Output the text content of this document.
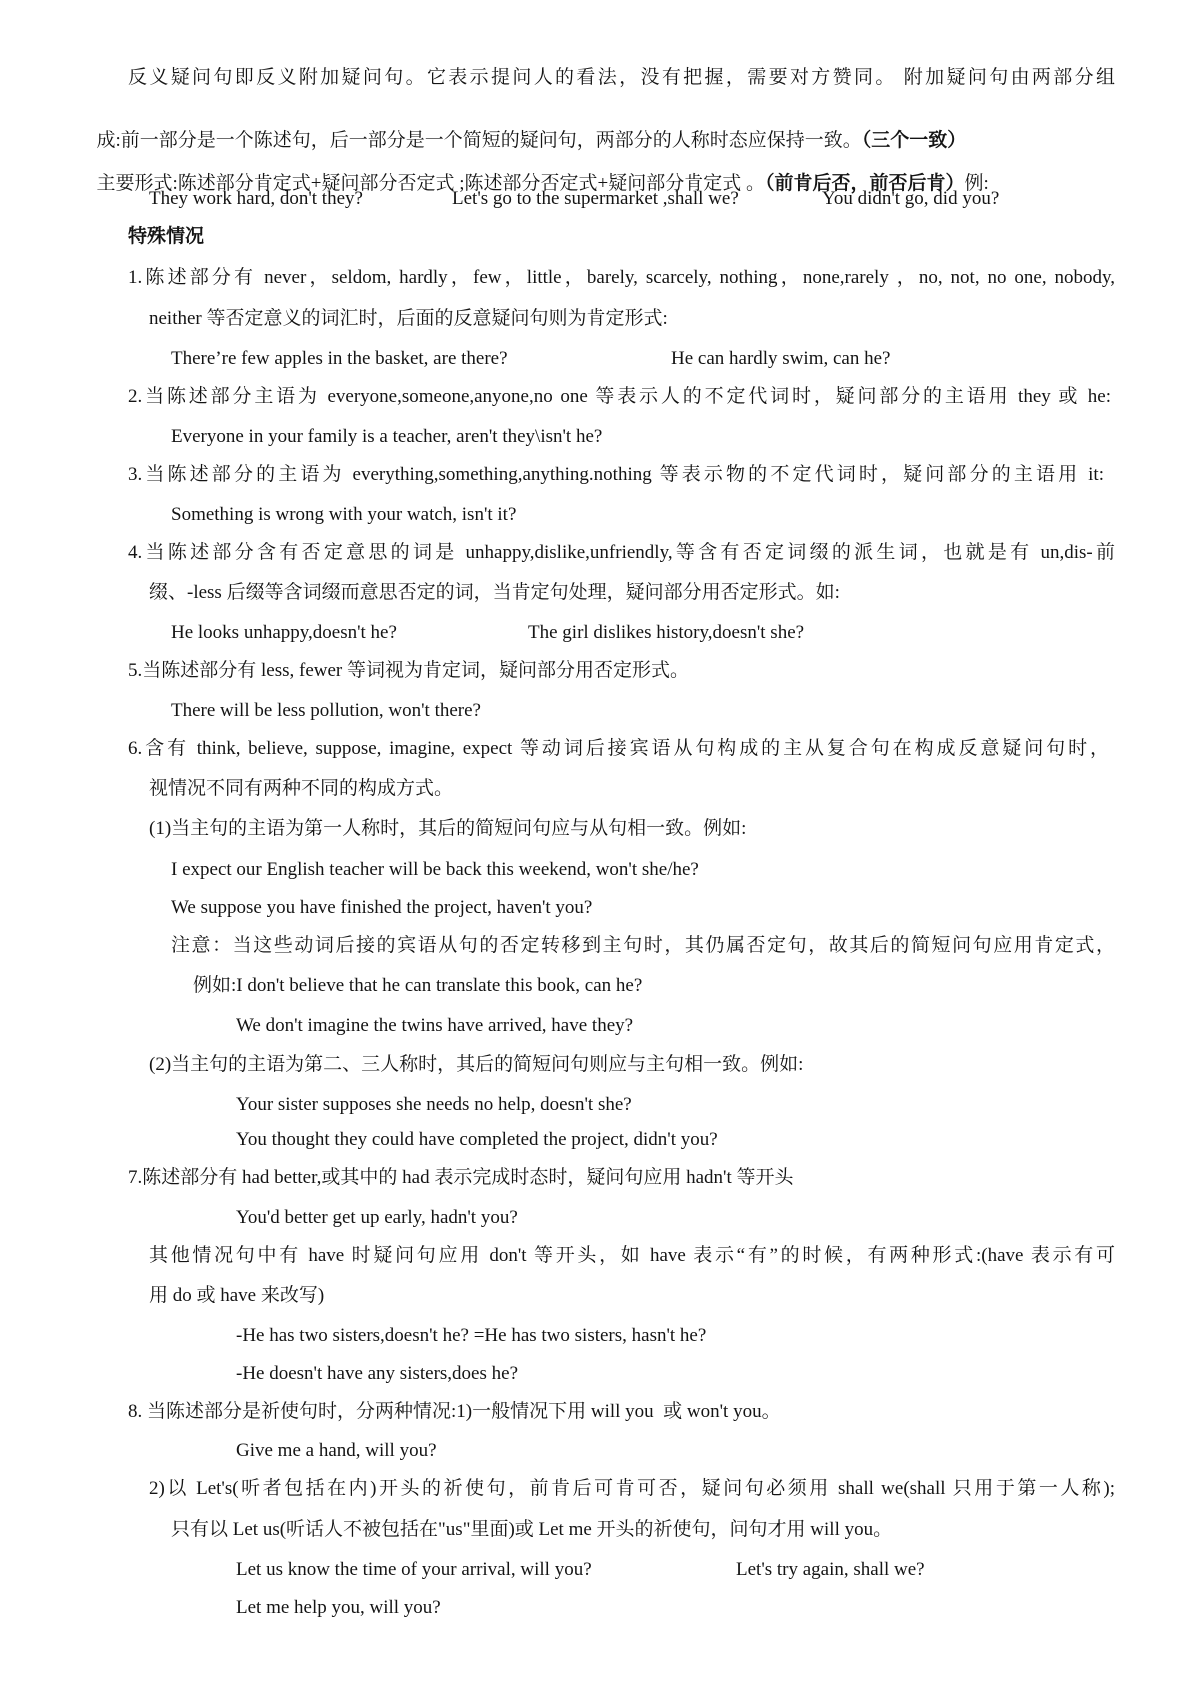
反义疑问句即反义附加疑问句。它表示提问人的看法，没有把握，需要对方赞同。 附加疑问句由两部分组

成:前一部分是一个陈述句，后一部分是一个简短的疑问句，两部分的人称时态应保持一致。（三个一致）

主要形式:陈述部分肯定式+疑问部分否定式 ;陈述部分否定式+疑问部分肯定式 。（前肯后否，前否后肯）例:

They work hard, don't they?	Let's go to the supermarket ,shall we?	You didn't go, did you?
特殊情况
1.陈述部分有 never，seldom, hardly，few，little，barely, scarcely, nothing，none,rarely ，no, not, no one, nobody,
neither 等否定意义的词汇时，后面的反意疑问句则为肯定形式:
There’re few apples in the basket, are there?	He can hardly swim, can he?
2.当陈述部分主语为 everyone,someone,anyone,no one 等表示人的不定代词时，疑问部分的主语用 they 或 he:
Everyone in your family is a teacher, aren't they\isn't he?
3.当陈述部分的主语为 everything,something,anything.nothing 等表示物的不定代词时，疑问部分的主语用 it:
Something is wrong with your watch, isn't it?
4.当陈述部分含有否定意思的词是 unhappy,dislike,unfriendly,等含有否定词缀的派生词，也就是有 un,dis-前
缀、-less 后缀等含词缀而意思否定的词，当肯定句处理，疑问部分用否定形式。如:
He looks unhappy,doesn't he?	The girl dislikes history,doesn't she?
5.当陈述部分有 less, fewer 等词视为肯定词，疑问部分用否定形式。
There will be less pollution, won't there?
6.含有 think, believe, suppose, imagine, expect 等动词后接宾语从句构成的主从复合句在构成反意疑问句时，
视情况不同有两种不同的构成方式。
(1)当主句的主语为第一人称时，其后的简短问句应与从句相一致。例如:
I expect our English teacher will be back this weekend, won't she/he?
We suppose you have finished the project, haven't you?
注意：当这些动词后接的宾语从句的否定转移到主句时，其仍属否定句，故其后的简短问句应用肯定式，
例如:I don't believe that he can translate this book, can he?
We don't imagine the twins have arrived, have they?
(2)当主句的主语为第二、三人称时，其后的简短问句则应与主句相一致。例如:
Your sister supposes she needs no help, doesn't she?
You thought they could have completed the project, didn't you?
7.陈述部分有 had better,或其中的 had 表示完成时态时，疑问句应用 hadn't 等开头
You'd better get up early, hadn't you?
其他情况句中有 have 时疑问句应用 don't 等开头，如 have 表示“有”的时候，有两种形式:(have 表示有可
用 do 或 have 来改写)
-He has two sisters,doesn't he? =He has two sisters, hasn't he?
-He doesn't have any sisters,does he?
8. 当陈述部分是祈使句时，分两种情况:1)一般情况下用 will you  或 won't you。
Give me a hand, will you?
2)以 Let's(听者包括在内)开头的祈使句，前肯后可肯可否，疑问句必须用 shall we(shall 只用于第一人称);
只有以 Let us(听话人不被包括在"us"里面)或 Let me 开头的祈使句，问句才用 will you。
Let us know the time of your arrival, will you?	Let's try again, shall we?
Let me help you, will you?
